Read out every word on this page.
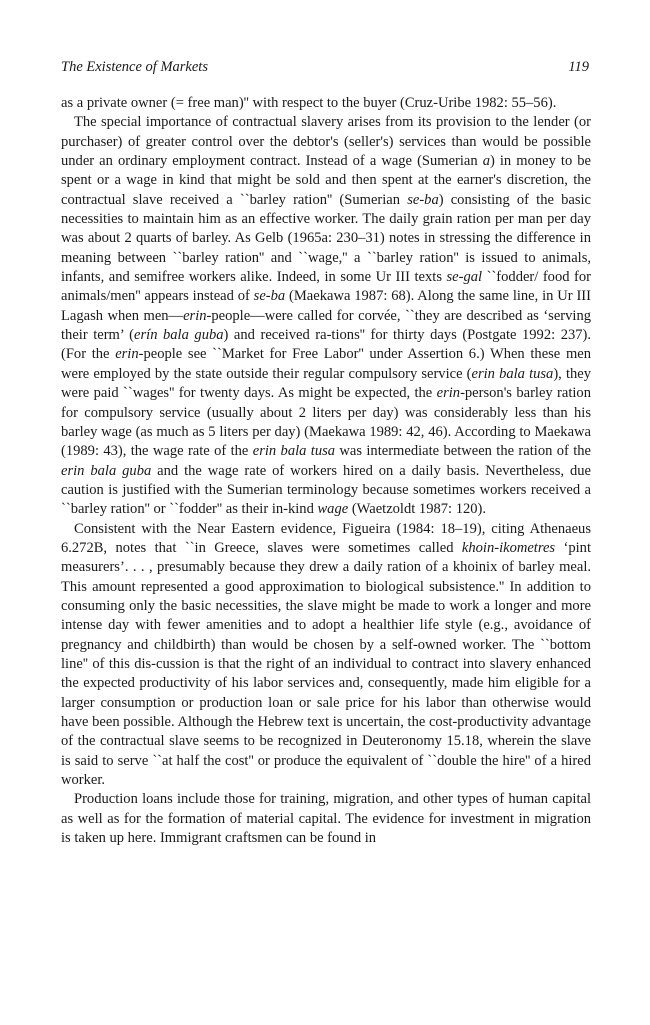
The Existence of Markets	119

as a private owner (= free man)'' with respect to the buyer (Cruz-Uribe 1982: 55–56).

The special importance of contractual slavery arises from its provision to the lender (or purchaser) of greater control over the debtor's (seller's) services than would be possible under an ordinary employment contract. Instead of a wage (Sumerian a) in money to be spent or a wage in kind that might be sold and then spent at the earner's discretion, the contractual slave received a ``barley ration'' (Sumerian se-ba) consisting of the basic necessities to maintain him as an effective worker. The daily grain ration per man per day was about 2 quarts of barley. As Gelb (1965a: 230–31) notes in stressing the difference in meaning between ``barley ration'' and ``wage,'' a ``barley ration'' is issued to animals, infants, and semifree workers alike. Indeed, in some Ur III texts se-gal ``fodder/ food for animals/men'' appears instead of se-ba (Maekawa 1987: 68). Along the same line, in Ur III Lagash when men—erin-people—were called for corvée, ``they are described as ‘serving their term’ (erín bala guba) and received ra-tions'' for thirty days (Postgate 1992: 237). (For the erin-people see ``Market for Free Labor'' under Assertion 6.) When these men were employed by the state outside their regular compulsory service (erin bala tusa), they were paid ``wages'' for twenty days. As might be expected, the erin-person's barley ration for compulsory service (usually about 2 liters per day) was considerably less than his barley wage (as much as 5 liters per day) (Maekawa 1989: 42, 46). According to Maekawa (1989: 43), the wage rate of the erin bala tusa was intermediate between the ration of the erin bala guba and the wage rate of workers hired on a daily basis. Nevertheless, due caution is justified with the Sumerian terminology because sometimes workers received a ``barley ration'' or ``fodder'' as their in-kind wage (Waetzoldt 1987: 120).

Consistent with the Near Eastern evidence, Figueira (1984: 18–19), citing Athenaeus 6.272B, notes that ``in Greece, slaves were sometimes called khoin-ikometres ‘pint measurers’. . . , presumably because they drew a daily ration of a khoinix of barley meal. This amount represented a good approximation to biological subsistence.'' In addition to consuming only the basic necessities, the slave might be made to work a longer and more intense day with fewer amenities and to adopt a healthier life style (e.g., avoidance of pregnancy and childbirth) than would be chosen by a self-owned worker. The ``bottom line'' of this dis-cussion is that the right of an individual to contract into slavery enhanced the expected productivity of his labor services and, consequently, made him eligible for a larger consumption or production loan or sale price for his labor than otherwise would have been possible. Although the Hebrew text is uncertain, the cost-productivity advantage of the contractual slave seems to be recognized in Deuteronomy 15.18, wherein the slave is said to serve ``at half the cost'' or produce the equivalent of ``double the hire'' of a hired worker.

Production loans include those for training, migration, and other types of human capital as well as for the formation of material capital. The evidence for investment in migration is taken up here. Immigrant craftsmen can be found in
